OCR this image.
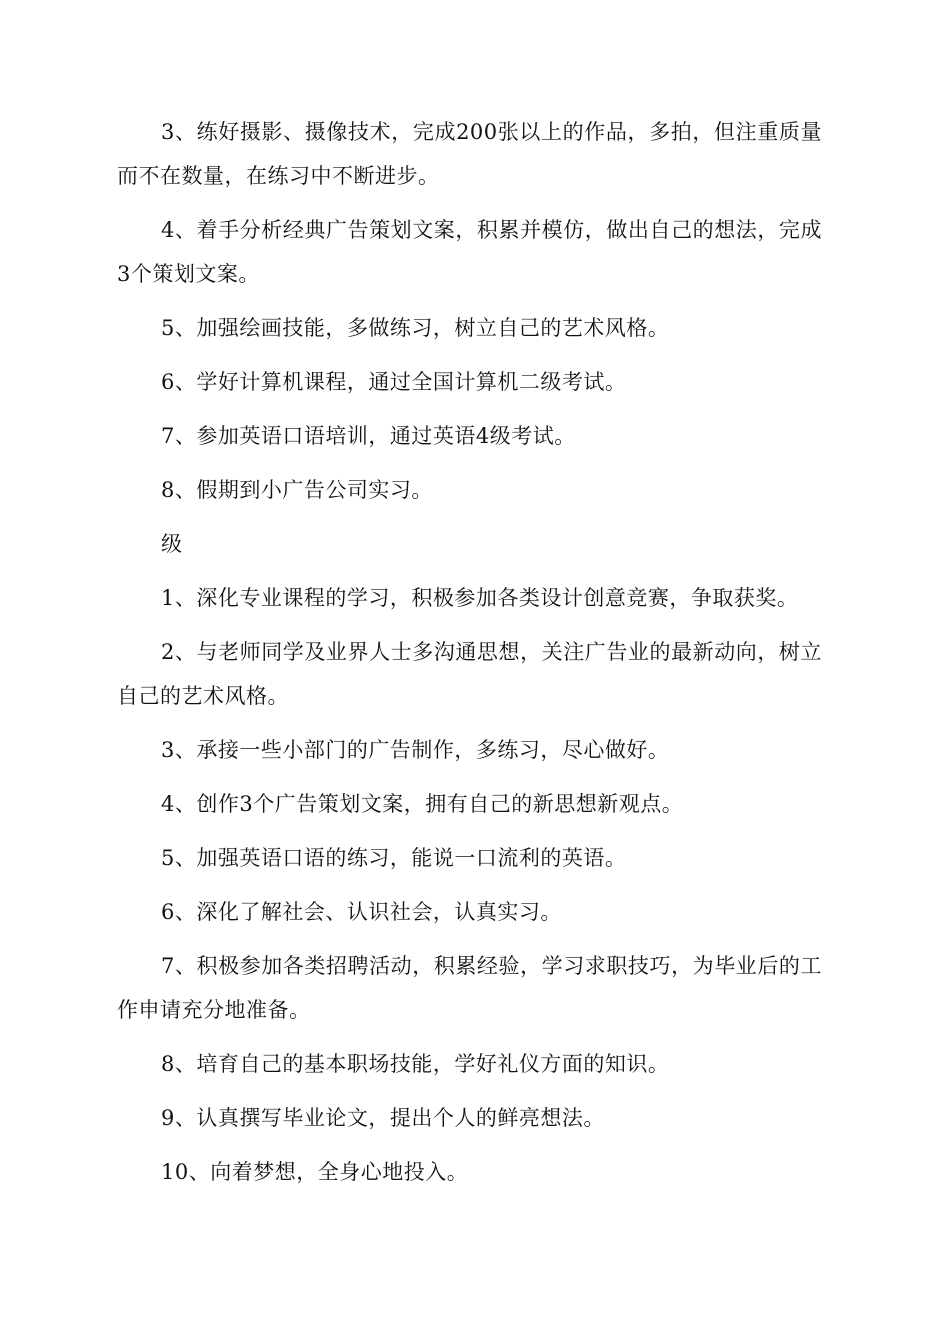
3、练好摄影、摄像技术，完成200张以上的作品，多拍，但注重质量而不在数量，在练习中不断进步。

4、着手分析经典广告策划文案，积累并模仿，做出自己的想法，完成3个策划文案。

5、加强绘画技能，多做练习，树立自己的艺术风格。

6、学好计算机课程，通过全国计算机二级考试。

7、参加英语口语培训，通过英语4级考试。

8、假期到小广告公司实习。

级

1、深化专业课程的学习，积极参加各类设计创意竞赛，争取获奖。

2、与老师同学及业界人士多沟通思想，关注广告业的最新动向，树立自己的艺术风格。

3、承接一些小部门的广告制作，多练习，尽心做好。

4、创作3个广告策划文案，拥有自己的新思想新观点。

5、加强英语口语的练习，能说一口流利的英语。

6、深化了解社会、认识社会，认真实习。

7、积极参加各类招聘活动，积累经验，学习求职技巧，为毕业后的工作申请充分地准备。

8、培育自己的基本职场技能，学好礼仪方面的知识。

9、认真撰写毕业论文，提出个人的鲜亮想法。

10、向着梦想，全身心地投入。
